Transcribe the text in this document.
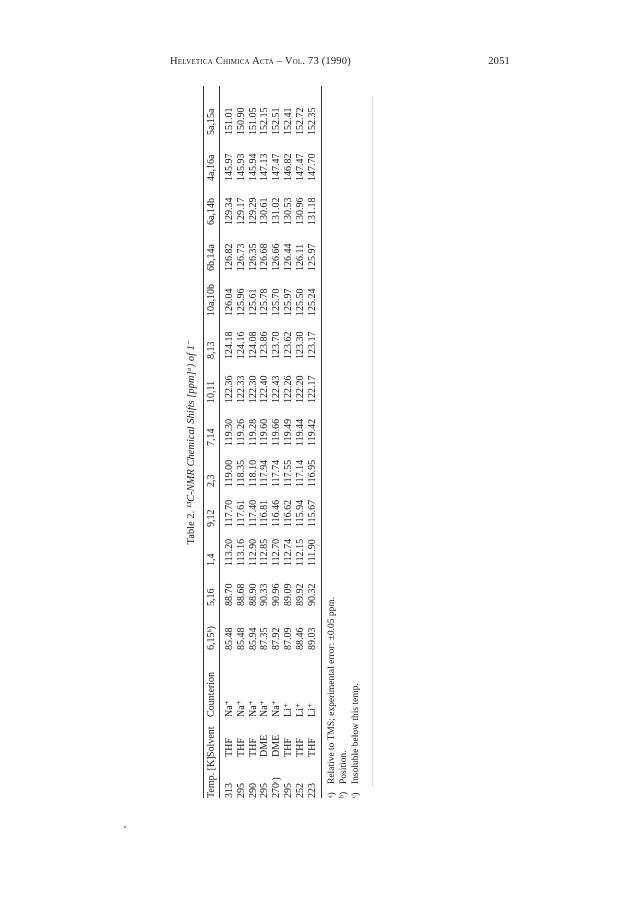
Helvetica Chimica Acta – Vol. 73 (1990)	2051
Table 2. ¹³C-NMR Chemical Shifts [ppm]ᵃ) of 1⁻
Temp. [K]
Solvent
Counterion
6,15ᵇ)
5,16
1,4
9,12
2,3
7,14
10,11
8,13
10a,10b
6b,14a
6a,14b
4a,16a
5a,15a
313
THF
Na⁺
85.48
88.70
113.20
117.70
119.00
119.30
122.36
124.18
126.04
126.82
129.34
145.97
151.01
295
THF
Na⁺
85.48
88.68
113.16
117.61
118.35
119.26
122.33
124.16
125.96
126.73
129.17
145.93
150.90
290
THF
Na⁺
85.94
88.90
112.90
117.40
118.10
119.28
122.30
124.08
125.61
126.35
129.29
145.94
151.05
295
DME
Na⁺
87.35
90.33
112.85
116.81
117.94
119.60
122.40
123.86
125.78
126.68
130.61
147.13
152.15
270ᶜ)
DME
Na⁺
87.92
90.96
112.70
116.46
117.74
119.66
122.43
123.70
125.70
126.66
131.02
147.47
152.51
295
THF
Li⁺
87.09
89.09
112.74
116.62
117.55
119.49
122.26
123.62
125.97
126.44
130.53
146.82
152.41
252
THF
Li⁺
88.46
89.92
112.15
115.94
117.14
119.44
122.20
123.30
125.50
126.11
130.96
147.47
152.72
223
THF
Li⁺
89.03
90.32
111.90
115.67
116.95
119.42
122.17
123.17
125.24
125.97
131.18
147.70
152.35
ᵃ)Relative to TMS; experimental error: ±0.05 ppm.
ᵇ)Position.
ᶜ)Insoluble below this temp.
